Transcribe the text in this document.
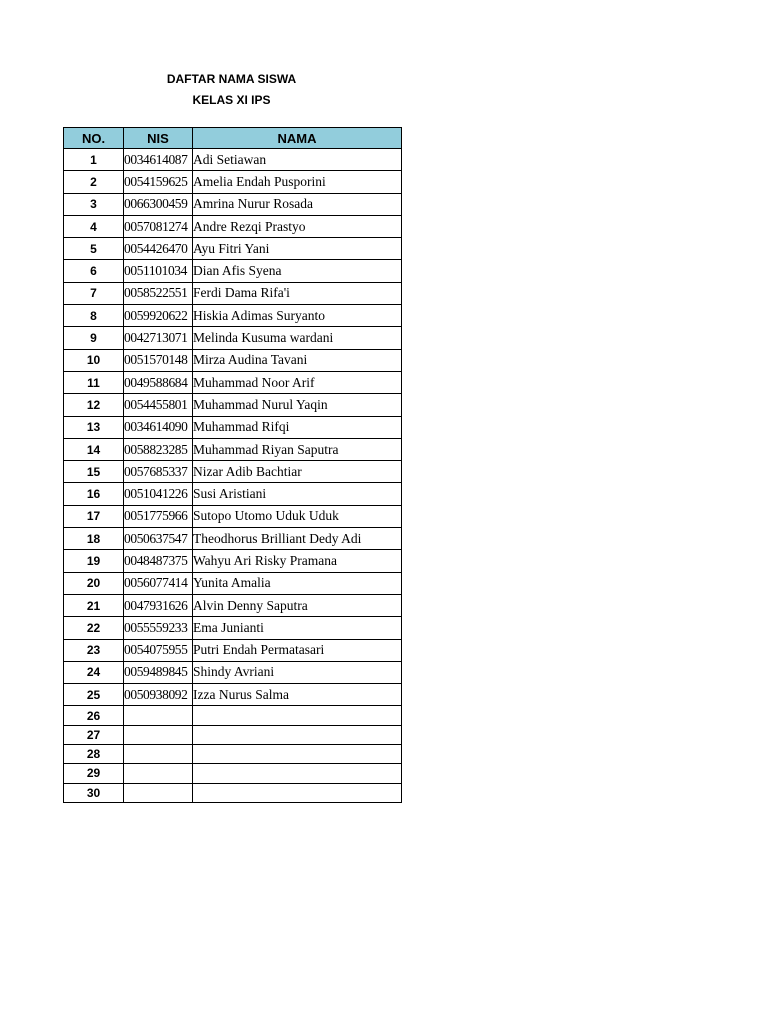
DAFTAR NAMA SISWA
KELAS XI IPS
NO.	NIS	NAMA
1	0034614087	Adi Setiawan
2	0054159625	Amelia Endah Pusporini
3	0066300459	Amrina Nurur Rosada
4	0057081274	Andre Rezqi Prastyo
5	0054426470	Ayu Fitri Yani
6	0051101034	Dian Afis Syena
7	0058522551	Ferdi Dama Rifa'i
8	0059920622	Hiskia Adimas Suryanto
9	0042713071	Melinda Kusuma wardani
10	0051570148	Mirza Audina Tavani
11	0049588684	Muhammad Noor Arif
12	0054455801	Muhammad Nurul Yaqin
13	0034614090	Muhammad Rifqi
14	0058823285	Muhammad Riyan Saputra
15	0057685337	Nizar Adib Bachtiar
16	0051041226	Susi Aristiani
17	0051775966	Sutopo Utomo Uduk Uduk
18	0050637547	Theodhorus Brilliant Dedy Adi
19	0048487375	Wahyu Ari Risky Pramana
20	0056077414	Yunita Amalia
21	0047931626	Alvin Denny Saputra
22	0055559233	Ema Junianti
23	0054075955	Putri Endah Permatasari
24	0059489845	Shindy Avriani
25	0050938092	Izza Nurus Salma
26		
27		
28		
29		
30		
